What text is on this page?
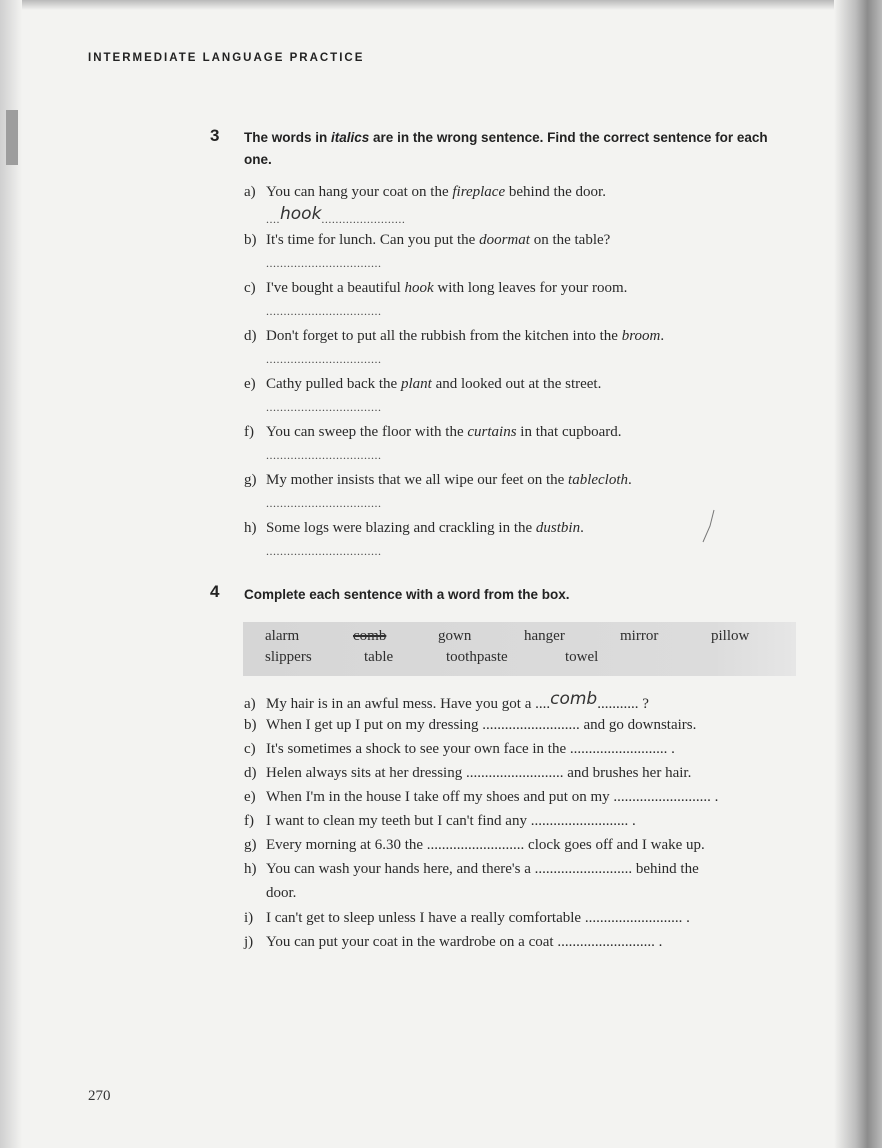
INTERMEDIATE LANGUAGE PRACTICE
3 The words in italics are in the wrong sentence. Find the correct sentence for each
one.
a) You can hang your coat on the fireplace behind the door.
....hook........................
b) It's time for lunch. Can you put the doormat on the table?
.................................
c) I've bought a beautiful hook with long leaves for your room.
.................................
d) Don't forget to put all the rubbish from the kitchen into the broom.
.................................
e) Cathy pulled back the plant and looked out at the street.
.................................
f) You can sweep the floor with the curtains in that cupboard.
.................................
g) My mother insists that we all wipe our feet on the tablecloth.
.................................
h) Some logs were blazing and crackling in the dustbin.
.................................
4 Complete each sentence with a word from the box.
alarm	comb	gown	hanger	mirror	pillow
slippers	table	toothpaste	towel
a) My hair is in an awful mess. Have you got a ....comb........... ?
b) When I get up I put on my dressing .......................... and go downstairs.
c) It's sometimes a shock to see your own face in the .......................... .
d) Helen always sits at her dressing .......................... and brushes her hair.
e) When I'm in the house I take off my shoes and put on my .......................... .
f) I want to clean my teeth but I can't find any .......................... .
g) Every morning at 6.30 the .......................... clock goes off and I wake up.
h) You can wash your hands here, and there's a .......................... behind the
door.
i) I can't get to sleep unless I have a really comfortable .......................... .
j) You can put your coat in the wardrobe on a coat .......................... .
270
